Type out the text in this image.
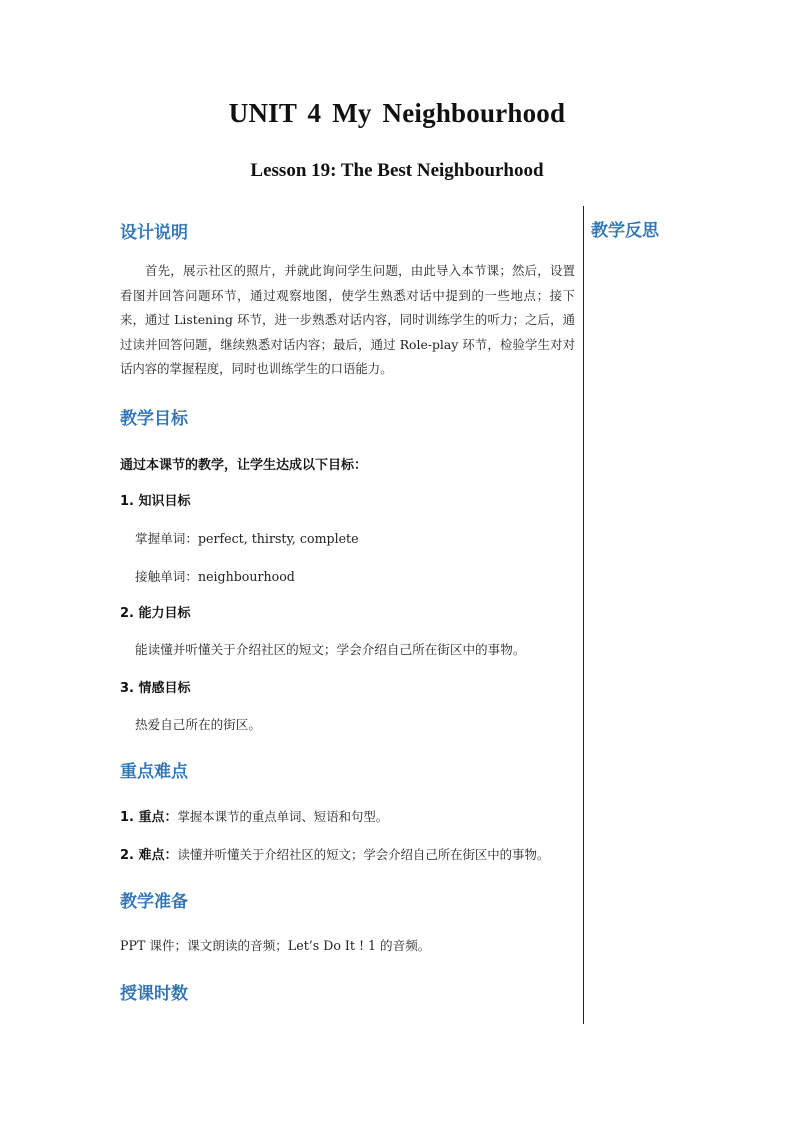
UNIT 4 My Neighbourhood
Lesson 19: The Best Neighbourhood
教学反思
设计说明
首先，展示社区的照片，并就此询问学生问题，由此导入本节课；然后，设置看图并回答问题环节，通过观察地图，使学生熟悉对话中提到的一些地点；接下来，通过 Listening 环节，进一步熟悉对话内容，同时训练学生的听力；之后，通过读并回答问题，继续熟悉对话内容；最后，通过 Role-play 环节，检验学生对对话内容的掌握程度，同时也训练学生的口语能力。
教学目标
通过本课节的教学，让学生达成以下目标：
1. 知识目标
掌握单词：perfect, thirsty, complete
接触单词：neighbourhood
2. 能力目标
能读懂并听懂关于介绍社区的短文；学会介绍自己所在街区中的事物。
3. 情感目标
热爱自己所在的街区。
重点难点
1. 重点：掌握本课节的重点单词、短语和句型。
2. 难点：读懂并听懂关于介绍社区的短文；学会介绍自己所在街区中的事物。
教学准备
PPT 课件；课文朗读的音频；Let’s Do It ! 1 的音频。
授课时数
